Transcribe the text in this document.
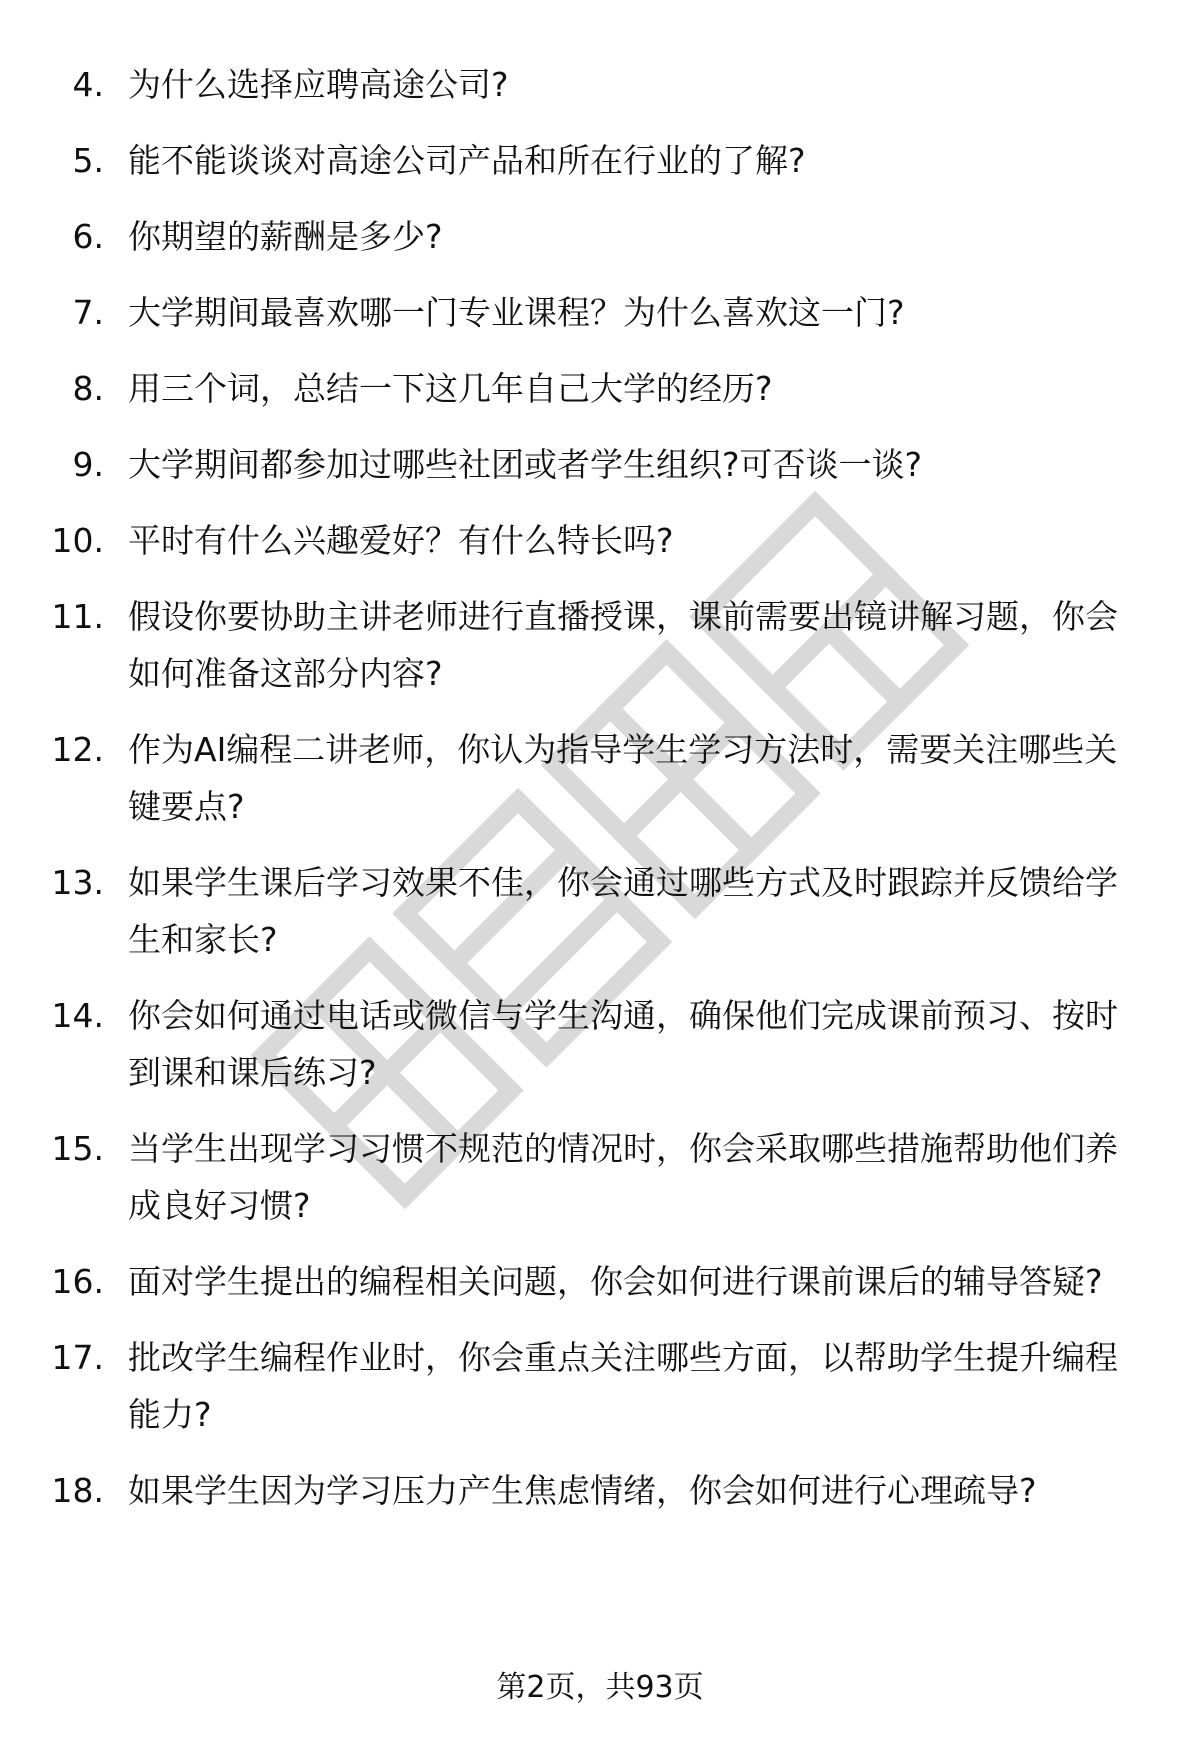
4. 为什么选择应聘高途公司?
5. 能不能谈谈对高途公司产品和所在行业的了解?
6. 你期望的薪酬是多少?
7. 大学期间最喜欢哪一门专业课程？为什么喜欢这一门?
8. 用三个词，总结一下这几年自己大学的经历?
9. 大学期间都参加过哪些社团或者学生组织?可否谈一谈?
10. 平时有什么兴趣爱好？有什么特长吗?
11. 假设你要协助主讲老师进行直播授课，课前需要出镜讲解习题，你会如何准备这部分内容?
12. 作为AI编程二讲老师，你认为指导学生学习方法时，需要关注哪些关键要点?
13. 如果学生课后学习效果不佳，你会通过哪些方式及时跟踪并反馈给学生和家长?
14. 你会如何通过电话或微信与学生沟通，确保他们完成课前预习、按时到课和课后练习?
15. 当学生出现学习习惯不规范的情况时，你会采取哪些措施帮助他们养成良好习惯?
16. 面对学生提出的编程相关问题，你会如何进行课前课后的辅导答疑?
17. 批改学生编程作业时，你会重点关注哪些方面，以帮助学生提升编程能力?
18. 如果学生因为学习压力产生焦虑情绪，你会如何进行心理疏导?
第2页，共93页
